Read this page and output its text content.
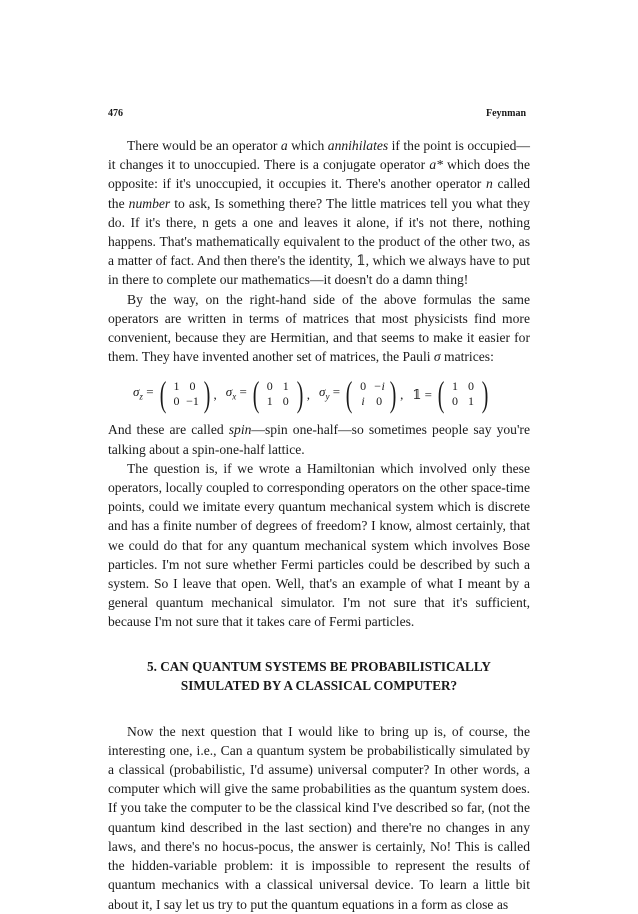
476	Feynman

There would be an operator a which annihilates if the point is occupied—it changes it to unoccupied. There is a conjugate operator a* which does the opposite: if it's unoccupied, it occupies it. There's another operator n called the number to ask, Is something there? The little matrices tell you what they do. If it's there, n gets a one and leaves it alone, if it's not there, nothing happens. That's mathematically equivalent to the product of the other two, as a matter of fact. And then there's the identity, 𝟙, which we always have to put in there to complete our mathematics—it doesn't do a damn thing!

By the way, on the right-hand side of the above formulas the same operators are written in terms of matrices that most physicists find more convenient, because they are Hermitian, and that seems to make it easier for them. They have invented another set of matrices, the Pauli σ matrices:

$\sigma_z$ = ( 1 0
0 −1 ) , $\sigma_x$ = ( 0 1
1 0 ) , $\sigma_y$ = ( 0 −i
i 0 ) , 𝟙 = ( 1 0
0 1 )

And these are called spin—spin one-half—so sometimes people say you're talking about a spin-one-half lattice.

The question is, if we wrote a Hamiltonian which involved only these operators, locally coupled to corresponding operators on the other space-time points, could we imitate every quantum mechanical system which is discrete and has a finite number of degrees of freedom? I know, almost certainly, that we could do that for any quantum mechanical system which involves Bose particles. I'm not sure whether Fermi particles could be described by such a system. So I leave that open. Well, that's an example of what I meant by a general quantum mechanical simulator. I'm not sure that it's sufficient, because I'm not sure that it takes care of Fermi particles.

5. CAN QUANTUM SYSTEMS BE PROBABILISTICALLY
SIMULATED BY A CLASSICAL COMPUTER?

Now the next question that I would like to bring up is, of course, the interesting one, i.e., Can a quantum system be probabilistically simulated by a classical (probabilistic, I'd assume) universal computer? In other words, a computer which will give the same probabilities as the quantum system does. If you take the computer to be the classical kind I've described so far, (not the quantum kind described in the last section) and there're no changes in any laws, and there's no hocus-pocus, the answer is certainly, No! This is called the hidden-variable problem: it is impossible to represent the results of quantum mechanics with a classical universal device. To learn a little bit about it, I say let us try to put the quantum equations in a form as close as
